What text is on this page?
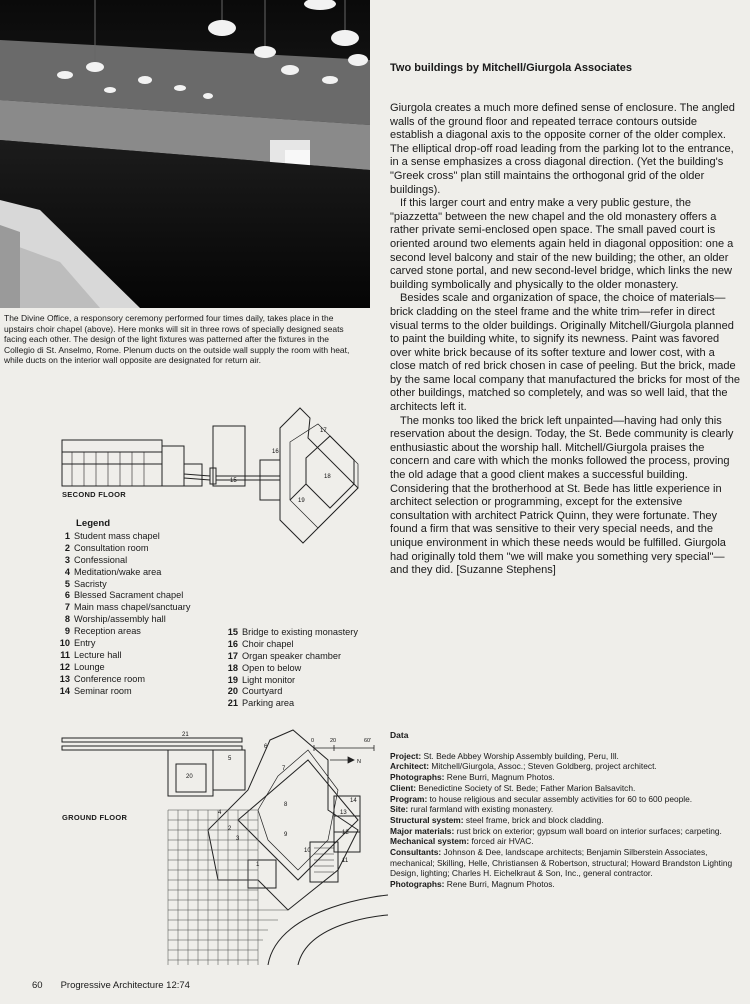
The Divine Office, a responsory ceremony performed four times daily, takes place in the upstairs choir chapel (above). Here monks will sit in three rows of specially designed seats facing each other. The design of the light fixtures was patterned after the fixtures in the Collegio di St. Anselmo, Rome. Plenum ducts on the outside wall supply the room with heat, while ducts on the interior wall opposite are designated for return air.
15
16
17
18
19
SECOND FLOOR
Legend
1 Student mass chapel
2 Consultation room
3 Confessional
4 Meditation/wake area
5 Sacristy
6 Blessed Sacrament chapel
7 Main mass chapel/sanctuary
8 Worship/assembly hall
9 Reception areas
10 Entry
11 Lecture hall
12 Lounge
13 Conference room
14 Seminar room
15 Bridge to existing monastery
16 Choir chapel
17 Organ speaker chamber
18 Open to below
19 Light monitor
20 Courtyard
21 Parking area
0	20	60'
N
1
2
3
4
5
6
7
8
9
10
11
12
13
14
20
21
GROUND FLOOR
Two buildings by Mitchell/Giurgola Associates

Giurgola creates a much more defined sense of enclosure. The angled walls of the ground floor and repeated terrace contours outside establish a diagonal axis to the opposite corner of the older complex. The elliptical drop-off road leading from the parking lot to the entrance, in a sense emphasizes a cross diagonal direction. (Yet the building's "Greek cross" plan still maintains the orthogonal grid of the older buildings).

If this larger court and entry make a very public gesture, the "piazzetta" between the new chapel and the old monastery offers a rather private semi-enclosed open space. The small paved court is oriented around two elements again held in diagonal opposition: one a second level balcony and stair of the new building; the other, an older carved stone portal, and new second-level bridge, which links the new building symbolically and physically to the older monastery.

Besides scale and organization of space, the choice of materials—brick cladding on the steel frame and the white trim—refer in direct visual terms to the older buildings. Originally Mitchell/Giurgola planned to paint the building white, to signify its newness. Paint was favored over white brick because of its softer texture and lower cost, with a close match of red brick chosen in case of peeling. But the brick, made by the same local company that manufactured the bricks for most of the other buildings, matched so completely, and was so well laid, that the architects left it.

The monks too liked the brick left unpainted—having had only this reservation about the design. Today, the St. Bede community is clearly enthusiastic about the worship hall. Mitchell/Giurgola praises the concern and care with which the monks followed the process, proving the old adage that a good client makes a successful building. Considering that the brotherhood at St. Bede has little experience in architect selection or programming, except for the extensive consultation with architect Patrick Quinn, they were fortunate. They found a firm that was sensitive to their very special needs, and the unique environment in which these needs would be fulfilled. Giurgola had originally told them "we will make you something very special"—and they did. [Suzanne Stephens]

Data
Project: St. Bede Abbey Worship Assembly building, Peru, Ill.
Architect: Mitchell/Giurgola, Assoc.; Steven Goldberg, project architect.
Photographs: Rene Burri, Magnum Photos.
Client: Benedictine Society of St. Bede; Father Marion Balsavitch.
Program: to house religious and secular assembly activities for 60 to 600 people.
Site: rural farmland with existing monastery.
Structural system: steel frame, brick and block cladding.
Major materials: rust brick on exterior; gypsum wall board on interior surfaces; carpeting.
Mechanical system: forced air HVAC.
Consultants: Johnson & Dee, landscape architects; Benjamin Silberstein Associates, mechanical; Skilling, Helle, Christiansen & Robertson, structural; Howard Brandston Lighting Design, lighting; Charles H. Eichelkraut & Son, Inc., general contractor.
Photographs: Rene Burri, Magnum Photos.
60 Progressive Architecture 12:74
